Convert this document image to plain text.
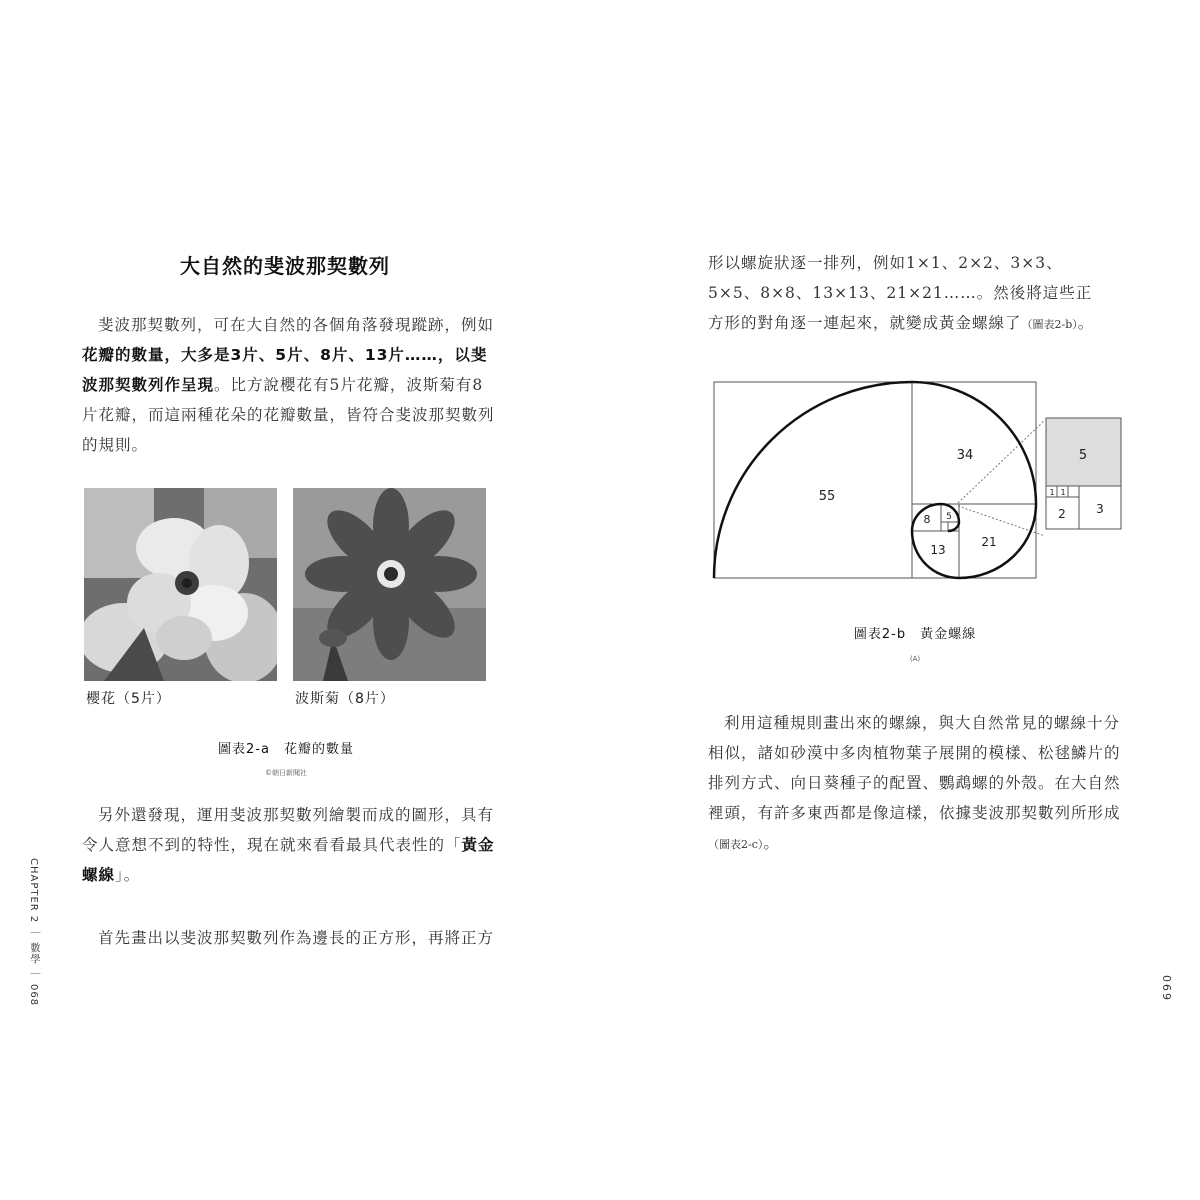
大自然的斐波那契數列

斐波那契數列，可在大自然的各個角落發現蹤跡，例如

花瓣的數量，大多是3片、5片、8片、13片……，以斐

波那契數列作呈現。比方說櫻花有5片花瓣，波斯菊有8

片花瓣，而這兩種花朵的花瓣數量，皆符合斐波那契數列

的規則。

櫻花（5片）	波斯菊（8片）
圖表2-a　花瓣的數量
©朝日新聞社

另外還發現，運用斐波那契數列繪製而成的圖形，具有

令人意想不到的特性，現在就來看看最具代表性的「黃金

螺線」。

首先畫出以斐波那契數列作為邊長的正方形，再將正方

CHAPTER 2 ｜ 數學 ｜ 068

形以螺旋狀逐一排列，例如1×1、2×2、3×3、

5×5、8×8、13×13、21×21……。然後將這些正

方形的對角逐一連起來，就變成黃金螺線了（圖表2-b）。

55
34
21
13
8 5
5
3
2
1 1
圖表2-b　黃金螺線
(A)

利用這種規則畫出來的螺線，與大自然常見的螺線十分

相似，諸如砂漠中多肉植物葉子展開的模樣、松毬鱗片的

排列方式、向日葵種子的配置、鸚鵡螺的外殼。在大自然

裡頭，有許多東西都是像這樣，依據斐波那契數列所形成

（圖表2-c）。

069
